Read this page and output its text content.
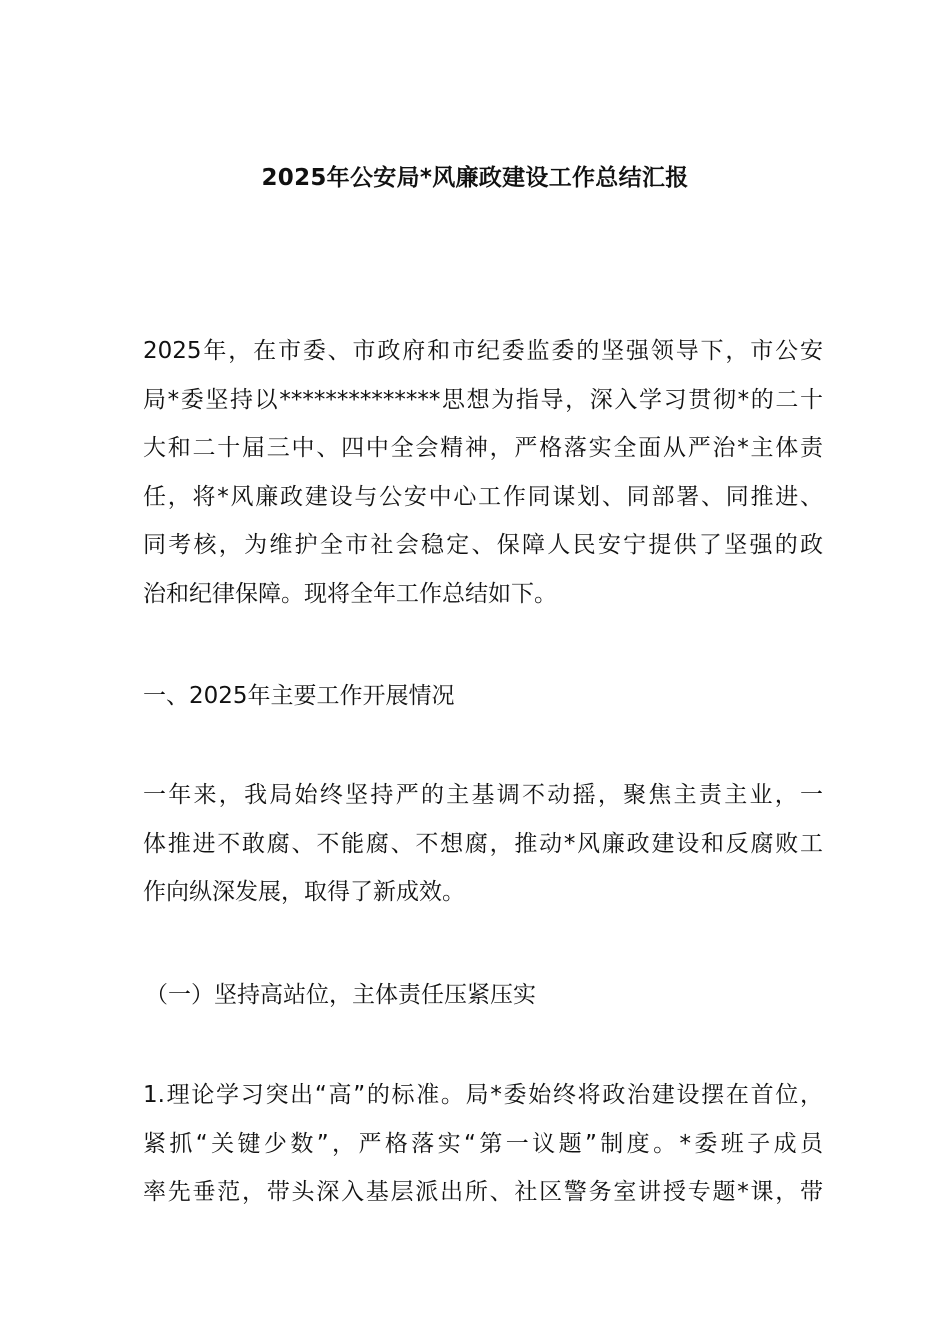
2025年公安局*风廉政建设工作总结汇报
2025年，在市委、市政府和市纪委监委的坚强领导下，市公安
局*委坚持以**************思想为指导，深入学习贯彻*的二十
大和二十届三中、四中全会精神，严格落实全面从严治*主体责
任，将*风廉政建设与公安中心工作同谋划、同部署、同推进、
同考核，为维护全市社会稳定、保障人民安宁提供了坚强的政
治和纪律保障。现将全年工作总结如下。
一、2025年主要工作开展情况
一年来，我局始终坚持严的主基调不动摇，聚焦主责主业，一
体推进不敢腐、不能腐、不想腐，推动*风廉政建设和反腐败工
作向纵深发展，取得了新成效。
（一）坚持高站位，主体责任压紧压实
1.理论学习突出“高”的标准。局*委始终将政治建设摆在首位，
紧抓“关键少数”，严格落实“第一议题”制度。*委班子成员
率先垂范，带头深入基层派出所、社区警务室讲授专题*课，带
